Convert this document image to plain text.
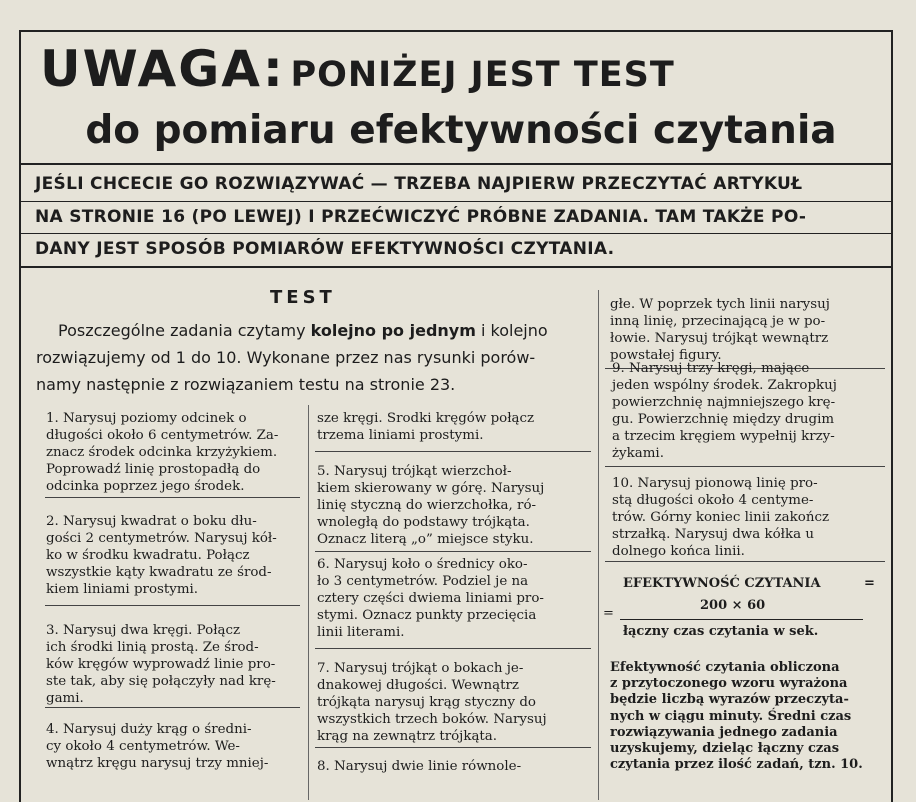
UWAGA: PONIŻEJ JEST TEST
do pomiaru efektywności czytania
JEŚLI CHCECIE GO ROZWIĄZYWAĆ — TRZEBA NAJPIERW PRZECZYTAĆ ARTYKUŁ
NA STRONIE 16 (PO LEWEJ) I PRZEĆWICZYĆ PRÓBNE ZADANIA. TAM TAKŻE PO-
DANY JEST SPOSÓB POMIARÓW EFEKTYWNOŚCI CZYTANIA.
TEST
Poszczególne zadania czytamy kolejno po jednym i kolejno
rozwiązujemy od 1 do 10. Wykonane przez nas rysunki porów-
namy następnie z rozwiązaniem testu na stronie 23.
1. Narysuj poziomy odcinek o
długości około 6 centymetrów. Za-
znacz środek odcinka krzyżykiem.
Poprowadź linię prostopadłą do
odcinka poprzez jego środek.
2. Narysuj kwadrat o boku dłu-
gości 2 centymetrów. Narysuj kół-
ko w środku kwadratu. Połącz
wszystkie kąty kwadratu ze środ-
kiem liniami prostymi.
3. Narysuj dwa kręgi. Połącz
ich środki linią prostą. Ze środ-
ków kręgów wyprowadź linie pro-
ste tak, aby się połączyły nad krę-
gami.
4. Narysuj duży krąg o średni-
cy około 4 centymetrów. We-
wnątrz kręgu narysuj trzy mniej-
sze kręgi. Srodki kręgów połącz
trzema liniami prostymi.
5. Narysuj trójkąt wierzchoł-
kiem skierowany w górę. Narysuj
linię styczną do wierzchołka, ró-
wnoległą do podstawy trójkąta.
Oznacz literą „o” miejsce styku.
6. Narysuj koło o średnicy oko-
ło 3 centymetrów. Podziel je na
cztery części dwiema liniami pro-
stymi. Oznacz punkty przecięcia
linii literami.
7. Narysuj trójkąt o bokach je-
dnakowej długości. Wewnątrz
trójkąta narysuj krąg styczny do
wszystkich trzech boków. Narysuj
krąg na zewnątrz trójkąta.
8. Narysuj dwie linie równole-
głe. W poprzek tych linii narysuj
inną linię, przecinającą je w po-
łowie. Narysuj trójkąt wewnątrz
powstałej figury.
9. Narysuj trzy kręgi, mające
jeden wspólny środek. Zakropkuj
powierzchnię najmniejszego krę-
gu. Powierzchnię między drugim
a trzecim kręgiem wypełnij krzy-
żykami.
10. Narysuj pionową linię pro-
stą długości około 4 centyme-
trów. Górny koniec linii zakończ
strzałką. Narysuj dwa kółka u
dolnego końca linii.
EFEKTYWNOŚĆ CZYTANIA	=
200 × 60
=
łączny czas czytania w sek.
Efektywność czytania obliczona
z przytoczonego wzoru wyrażona
będzie liczbą wyrazów przeczyta-
nych w ciągu minuty. Średni czas
rozwiązywania jednego zadania
uzyskujemy, dzieląc łączny czas
czytania przez ilość zadań, tzn. 10.
